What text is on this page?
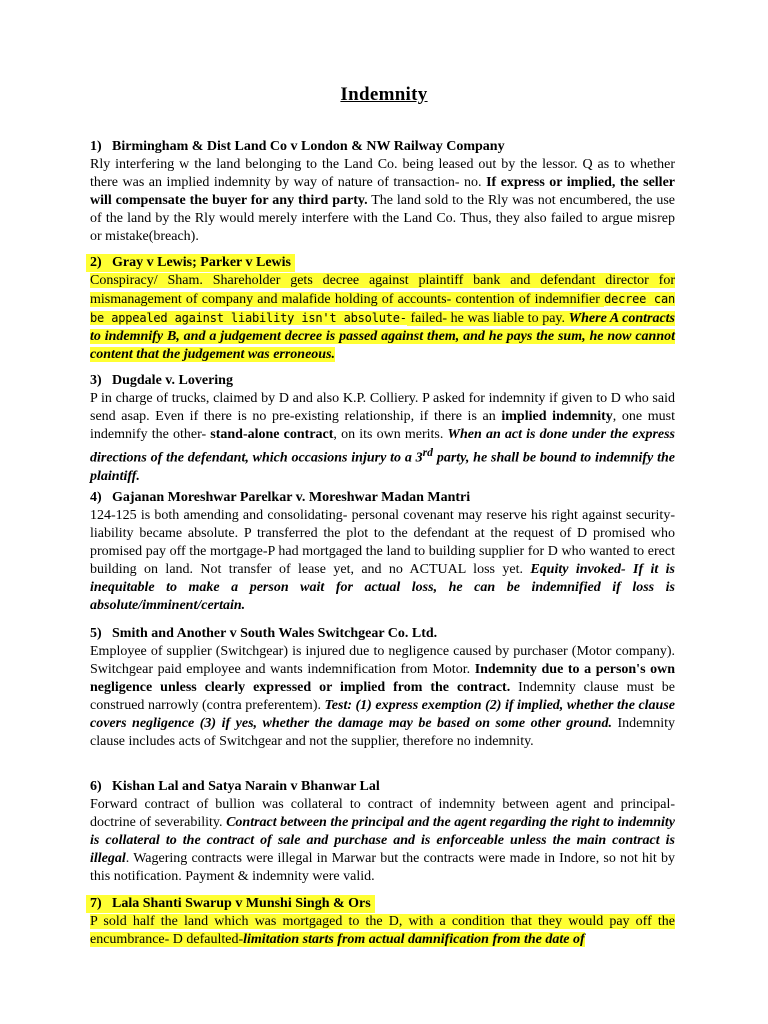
Indemnity
1) Birmingham & Dist Land Co v London & NW Railway Company
Rly interfering w the land belonging to the Land Co. being leased out by the lessor. Q as to whether there was an implied indemnity by way of nature of transaction- no. If express or implied, the seller will compensate the buyer for any third party. The land sold to the Rly was not encumbered, the use of the land by the Rly would merely interfere with the Land Co. Thus, they also failed to argue misrep or mistake(breach).
2) Gray v Lewis; Parker v Lewis
Conspiracy/ Sham. Shareholder gets decree against plaintiff bank and defendant director for mismanagement of company and malafide holding of accounts- contention of indemnifier decree can be appealed against liability isn't absolute- failed- he was liable to pay. Where A contracts to indemnify B, and a judgement decree is passed against them, and he pays the sum, he now cannot content that the judgement was erroneous.
3) Dugdale v. Lovering
P in charge of trucks, claimed by D and also K.P. Colliery. P asked for indemnity if given to D who said send asap. Even if there is no pre-existing relationship, if there is an implied indemnity, one must indemnify the other- stand-alone contract, on its own merits. When an act is done under the express directions of the defendant, which occasions injury to a 3rd party, he shall be bound to indemnify the plaintiff.
4) Gajanan Moreshwar Parelkar v. Moreshwar Madan Mantri
124-125 is both amending and consolidating- personal covenant may reserve his right against security- liability became absolute. P transferred the plot to the defendant at the request of D promised who promised pay off the mortgage-P had mortgaged the land to building supplier for D who wanted to erect building on land. Not transfer of lease yet, and no ACTUAL loss yet. Equity invoked- If it is inequitable to make a person wait for actual loss, he can be indemnified if loss is absolute/imminent/certain.
5) Smith and Another v South Wales Switchgear Co. Ltd.
Employee of supplier (Switchgear) is injured due to negligence caused by purchaser (Motor company). Switchgear paid employee and wants indemnification from Motor. Indemnity due to a person's own negligence unless clearly expressed or implied from the contract. Indemnity clause must be construed narrowly (contra preferentem). Test: (1) express exemption (2) if implied, whether the clause covers negligence (3) if yes, whether the damage may be based on some other ground. Indemnity clause includes acts of Switchgear and not the supplier, therefore no indemnity.
6) Kishan Lal and Satya Narain v Bhanwar Lal
Forward contract of bullion was collateral to contract of indemnity between agent and principal- doctrine of severability. Contract between the principal and the agent regarding the right to indemnity is collateral to the contract of sale and purchase and is enforceable unless the main contract is illegal. Wagering contracts were illegal in Marwar but the contracts were made in Indore, so not hit by this notification. Payment & indemnity were valid.
7) Lala Shanti Swarup v Munshi Singh & Ors
P sold half the land which was mortgaged to the D, with a condition that they would pay off the encumbrance- D defaulted-limitation starts from actual damnification from the date of
